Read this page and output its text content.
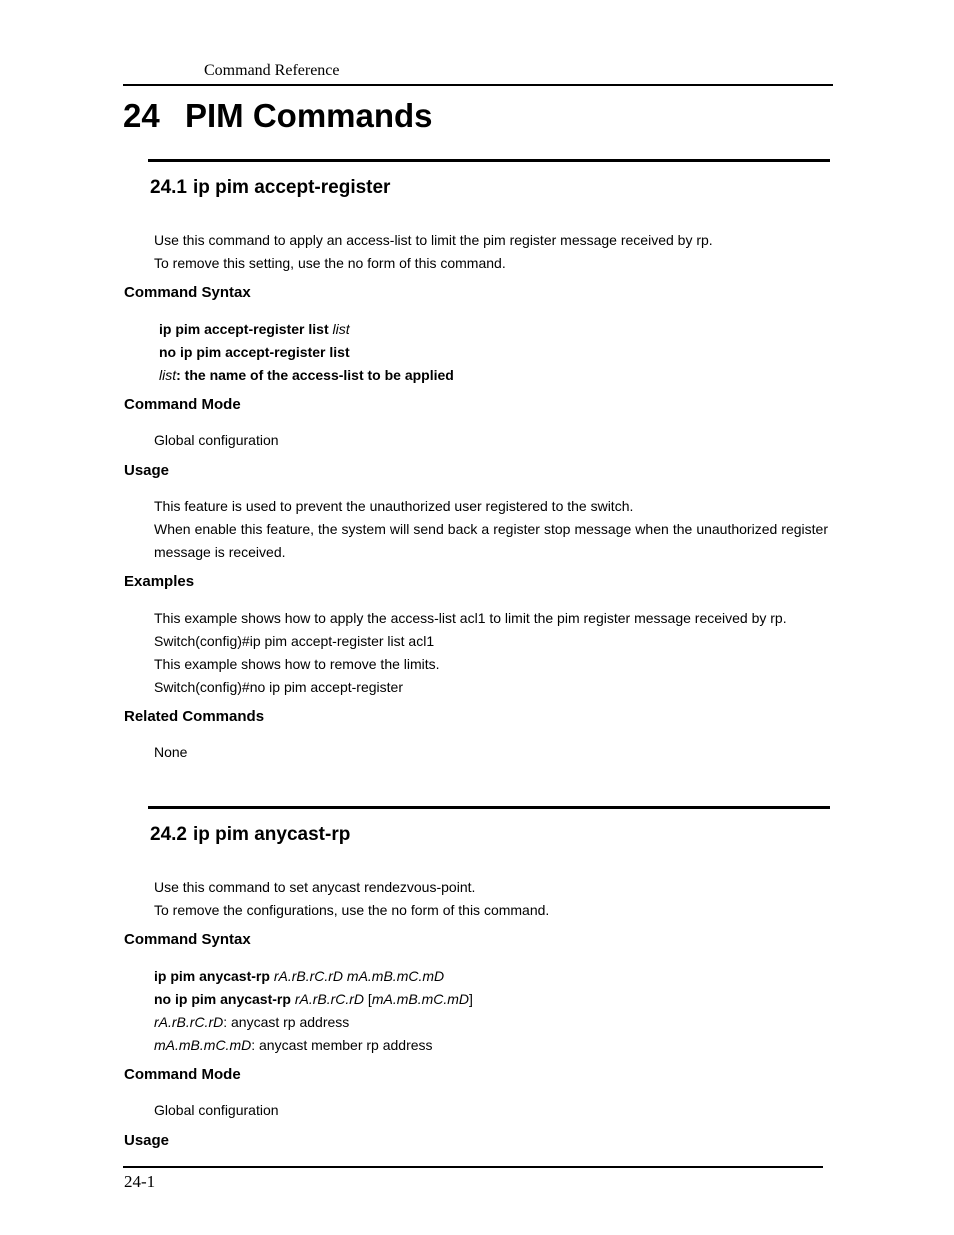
Command Reference
24 PIM Commands
24.1 ip pim accept-register
Use this command to apply an access-list to limit the pim register message received by rp.
To remove this setting, use the no form of this command.
Command Syntax
ip pim accept-register list list
no ip pim accept-register list
list: the name of the access-list to be applied
Command Mode
Global configuration
Usage
This feature is used to prevent the unauthorized user registered to the switch.
When enable this feature, the system will send back a register stop message when the unauthorized register message is received.
Examples
This example shows how to apply the access-list acl1 to limit the pim register message received by rp.
Switch(config)#ip pim accept-register list acl1
This example shows how to remove the limits.
Switch(config)#no ip pim accept-register
Related Commands
None
24.2 ip pim anycast-rp
Use this command to set anycast rendezvous-point.
To remove the configurations, use the no form of this command.
Command Syntax
ip pim anycast-rp rA.rB.rC.rD mA.mB.mC.mD
no ip pim anycast-rp rA.rB.rC.rD [mA.mB.mC.mD]
rA.rB.rC.rD: anycast rp address
mA.mB.mC.mD: anycast member rp address
Command Mode
Global configuration
Usage
24-1
